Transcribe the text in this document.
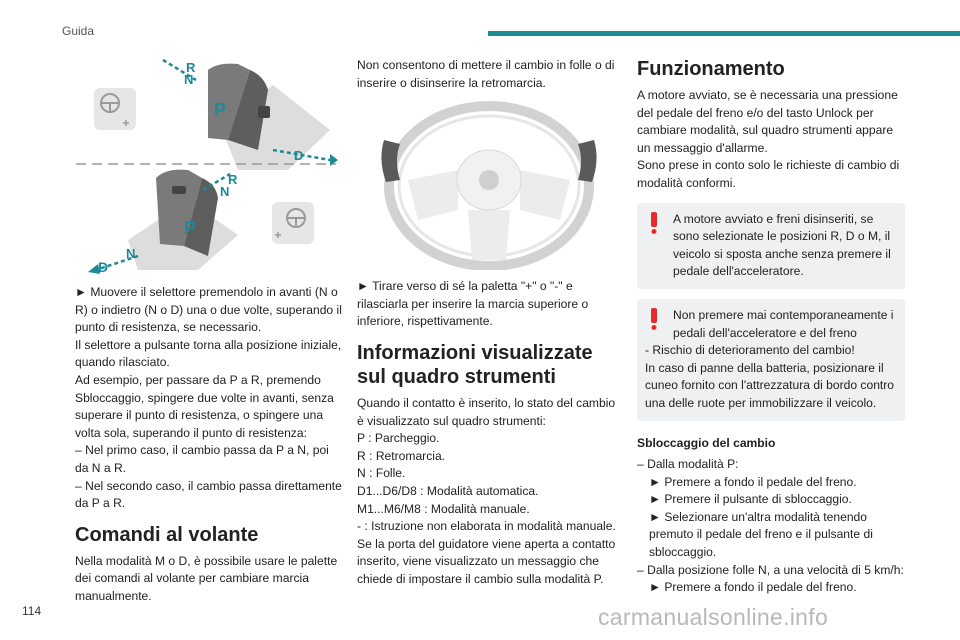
Guida
R
N
P
D
R
N
P
N
D

► Muovere il selettore premendolo in avanti (N o R) o indietro (N o D) una o due volte, superando il punto di resistenza, se necessario.

Il selettore a pulsante torna alla posizione iniziale, quando rilasciato.

Ad esempio, per passare da P a R, premendo Sbloccaggio, spingere due volte in avanti, senza superare il punto di resistenza, o spingere una volta sola, superando il punto di resistenza:

– Nel primo caso, il cambio passa da P a N, poi da N a R.

– Nel secondo caso, il cambio passa direttamente da P a R.

Comandi al volante

Nella modalità M o D, è possibile usare le palette dei comandi al volante per cambiare marcia manualmente.

Non consentono di mettere il cambio in folle o di inserire o disinserire la retromarcia.

► Tirare verso di sé la paletta "+" o "-" e rilasciarla per inserire la marcia superiore o inferiore, rispettivamente.

Informazioni visualizzate sul quadro strumenti

Quando il contatto è inserito, lo stato del cambio è visualizzato sul quadro strumenti:

P : Parcheggio.

R : Retromarcia.

N : Folle.

D1...D6/D8 : Modalità automatica.

M1...M6/M8 : Modalità manuale.

- : Istruzione non elaborata in modalità manuale.

Se la porta del guidatore viene aperta a contatto inserito, viene visualizzato un messaggio che chiede di impostare il cambio sulla modalità P.

Funzionamento

A motore avviato, se è necessaria una pressione del pedale del freno e/o del tasto Unlock per cambiare modalità, sul quadro strumenti appare un messaggio d'allarme.

Sono prese in conto solo le richieste di cambio di modalità conformi.

A motore avviato e freni disinseriti, se sono selezionate le posizioni R, D o M, il veicolo si sposta anche senza premere il pedale dell'acceleratore.

Non premere mai contemporaneamente i pedali dell'acceleratore e del freno

- Rischio di deterioramento del cambio!

In caso di panne della batteria, posizionare il cuneo fornito con l'attrezzatura di bordo contro una delle ruote per immobilizzare il veicolo.

Sbloccaggio del cambio

– Dalla modalità P:

► Premere a fondo il pedale del freno.

► Premere il pulsante di sbloccaggio.

► Selezionare un'altra modalità tenendo premuto il pedale del freno e il pulsante di sbloccaggio.

– Dalla posizione folle N, a una velocità di 5 km/h:

► Premere a fondo il pedale del freno.

114	carmanualsonline.info
